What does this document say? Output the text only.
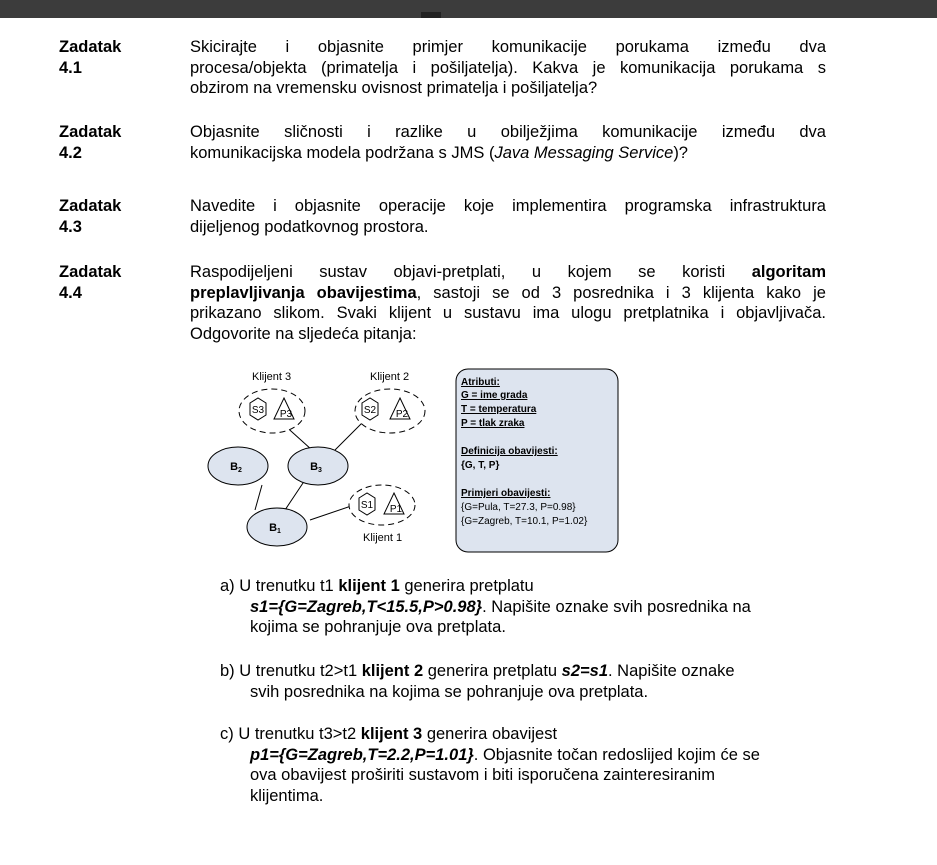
Zadatak
4.1
Skicirajte i objasnite primjer komunikacije porukama između dva
procesa/objekta (primatelja i pošiljatelja). Kakva je komunikacija porukama s
obzirom na vremensku ovisnost primatelja i pošiljatelja?
Zadatak
4.2
Objasnite sličnosti i razlike u obilježjima komunikacije između dva
komunikacijska modela podržana s JMS (Java Messaging Service)?
Zadatak
4.3
Navedite i objasnite operacije koje implementira programska infrastruktura
dijeljenog podatkovnog prostora.
Zadatak
4.4
Raspodijeljeni sustav objavi-pretplati, u kojem se koristi algoritam
preplavljivanja obavijestima, sastoji se od 3 posrednika i 3 klijenta kako je
prikazano slikom. Svaki klijent u sustavu ima ulogu pretplatnika i objavljivača.
Odgovorite na sljedeća pitanja:
Klijent 3
S3 P3
Klijent 2
S2 P2
B2	B3
B1
S1 P1
Klijent 1
Atributi:
G = ime grada
T = temperatura
P = tlak zraka
Definicija obavijesti:
{G, T, P}
Primjeri obavijesti:
{G=Pula, T=27.3, P=0.98}
{G=Zagreb, T=10.1, P=1.02}
a) U trenutku t1 klijent 1 generira pretplatu
s1={G=Zagreb,T<15.5,P>0.98}. Napišite oznake svih posrednika na
kojima se pohranjuje ova pretplata.
b) U trenutku t2>t1 klijent 2 generira pretplatu s2=s1. Napišite oznake
svih posrednika na kojima se pohranjuje ova pretplata.
c) U trenutku t3>t2 klijent 3 generira obavijest
p1={G=Zagreb,T=2.2,P=1.01}. Objasnite točan redoslijed kojim će se
ova obavijest proširiti sustavom i biti isporučena zainteresiranim
klijentima.
